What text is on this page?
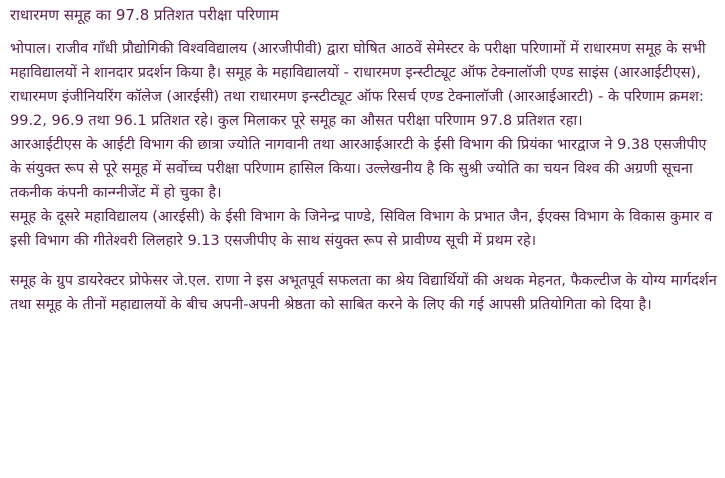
राधारमण समूह का 97.8 प्रतिशत परीक्षा परिणाम

भोपाल। राजीव गाँधी प्रौद्योगिकी विश्वविद्यालय (आरजीपीवी) द्वारा घोषित आठवें सेमेस्टर के परीक्षा परिणामों में राधारमण समूह के सभी महाविद्यालयों ने शानदार प्रदर्शन किया है। समूह के महाविद्यालयों - राधारमण इन्स्टीट्यूट ऑफ टेक्नालॉजी एण्ड साइंस (आरआईटीएस), राधारमण इंजीनियरिंग कॉलेज (आरईसी) तथा राधारमण इन्स्टीट्यूट ऑफ रिसर्च एण्ड टेक्नालॉजी (आरआईआरटी) - के परिणाम क्रमश: 99.2, 96.9 तथा 96.1 प्रतिशत रहे। कुल मिलाकर पूरे समूह का औसत परीक्षा परिणाम 97.8 प्रतिशत रहा।

आरआईटीएस के आईटी विभाग की छात्रा ज्योति नागवानी तथा आरआईआरटी के ईसी विभाग की प्रियंका भारद्वाज ने 9.38 एसजीपीए के संयुक्त रूप से पूरे समूह में सर्वोच्च परीक्षा परिणाम हासिल किया। उल्लेखनीय है कि सुश्री ज्योति का चयन विश्व की अग्रणी सूचना तकनीक कंपनी कान्ग्नीजेंट में हो चुका है।

समूह के दूसरे महाविद्यालय (आरईसी) के ईसी विभाग के जिनेन्द्र पाण्डे, सिविल विभाग के प्रभात जैन, ईएक्स विभाग के विकास कुमार व इसी विभाग की गीतेश्वरी लिलहारे 9.13 एसजीपीए के साथ संयुक्त रूप से प्रावीण्य सूची में प्रथम रहे।

समूह के ग्रुप डायरेक्टर प्रोफेसर जे.एल. राणा ने इस अभूतपूर्व सफलता का श्रेय विद्यार्थियों की अथक मेहनत, फैकल्टीज के योग्य मार्गदर्शन तथा समूह के तीनों महाद्यालयों के बीच अपनी-अपनी श्रेष्ठता को साबित करने के लिए की गई आपसी प्रतियोगिता को दिया है।
